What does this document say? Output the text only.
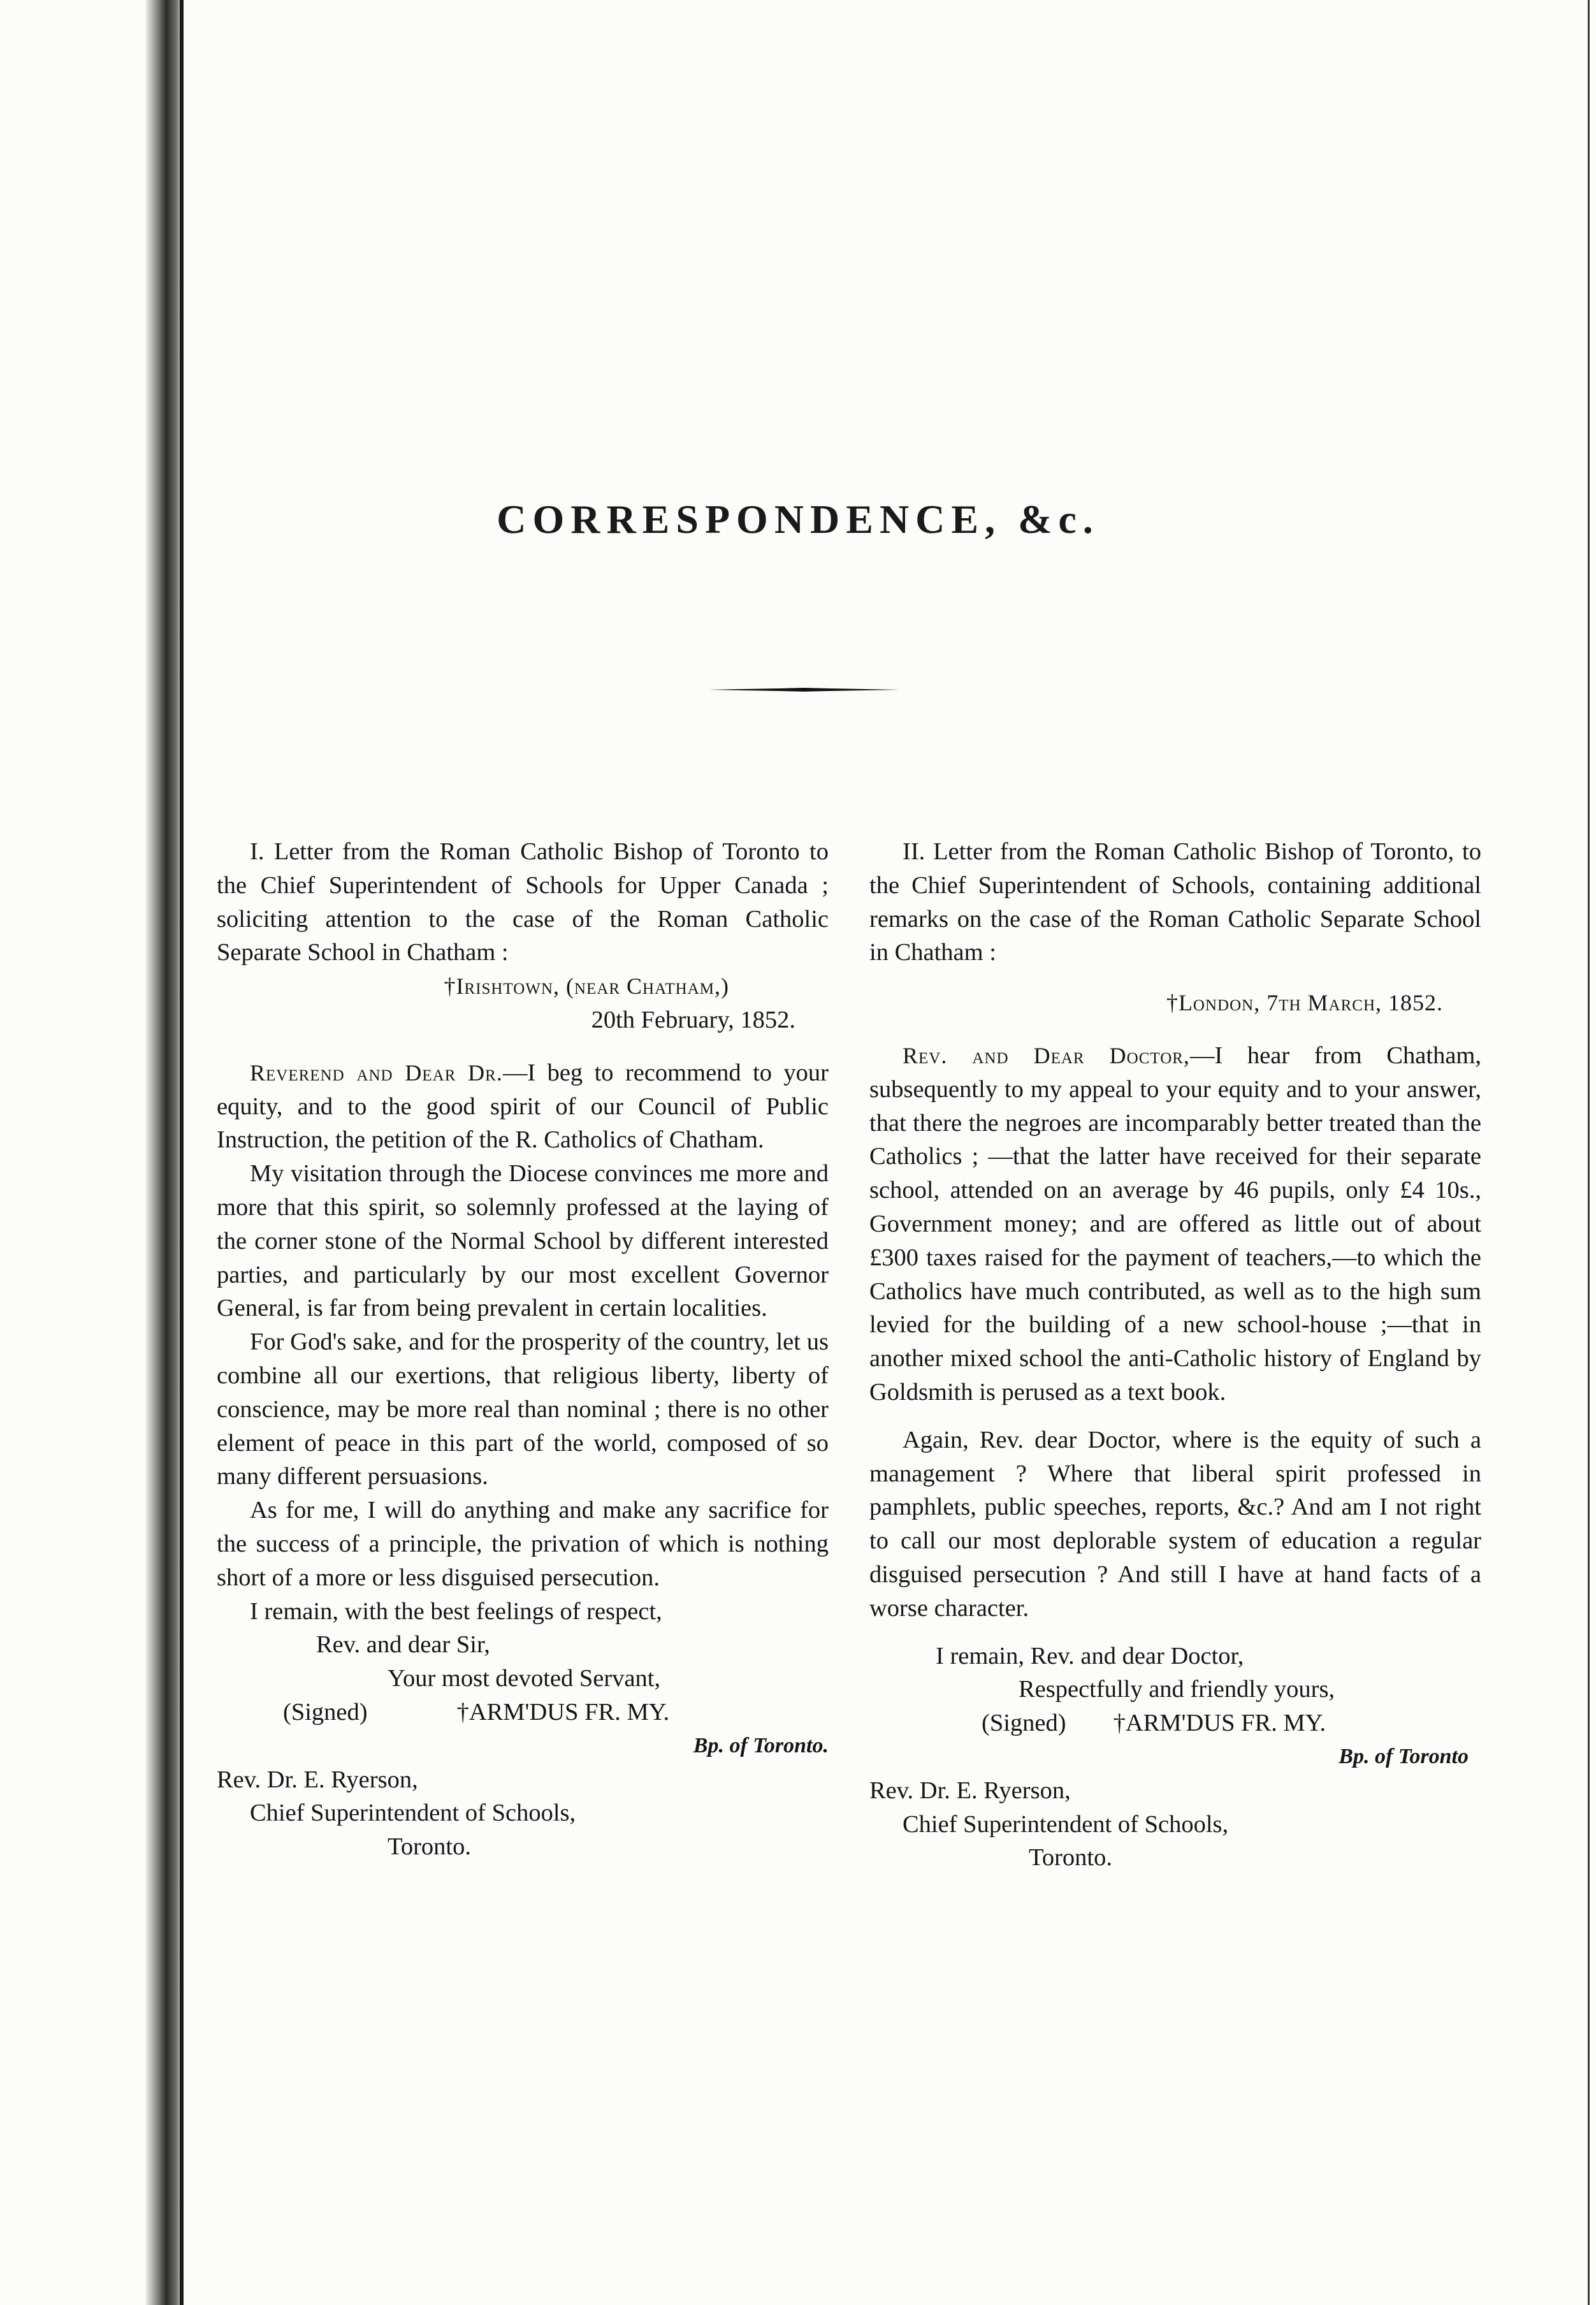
CORRESPONDENCE, &c.

I. Letter from the Roman Catholic Bishop of Toronto to the Chief Superintendent of Schools for Upper Canada ; soliciting attention to the case of the Roman Catholic Separate School in Chatham :

†Irishtown, (near Chatham,)

20th February, 1852.

Reverend and Dear Dr.—I beg to recommend to your equity, and to the good spirit of our Council of Public Instruction, the petition of the R. Catholics of Chatham.

My visitation through the Diocese convinces me more and more that this spirit, so solemnly professed at the laying of the corner stone of the Normal School by different interested parties, and particularly by our most excellent Governor General, is far from being prevalent in certain localities.

For God's sake, and for the prosperity of the country, let us combine all our exertions, that religious liberty, liberty of conscience, may be more real than nominal ; there is no other element of peace in this part of the world, composed of so many different persuasions.

As for me, I will do anything and make any sacrifice for the success of a principle, the privation of which is nothing short of a more or less disguised persecution.

I remain, with the best feelings of respect,

Rev. and dear Sir,

Your most devoted Servant,

(Signed)	†ARM'DUS FR. MY.

Bp. of Toronto.

Rev. Dr. E. Ryerson,

Chief Superintendent of Schools,

Toronto.

II. Letter from the Roman Catholic Bishop of Toronto, to the Chief Superintendent of Schools, containing additional remarks on the case of the Roman Catholic Separate School in Chatham :

†London, 7th March, 1852.

Rev. and Dear Doctor,—I hear from Chatham, subsequently to my appeal to your equity and to your answer, that there the negroes are incomparably better treated than the Catholics ; —that the latter have received for their separate school, attended on an average by 46 pupils, only £4 10s., Government money; and are offered as little out of about £300 taxes raised for the payment of teachers,—to which the Catholics have much contributed, as well as to the high sum levied for the building of a new school-house ;—that in another mixed school the anti-Catholic history of England by Goldsmith is perused as a text book.

Again, Rev. dear Doctor, where is the equity of such a management ? Where that liberal spirit professed in pamphlets, public speeches, reports, &c.? And am I not right to call our most deplorable system of education a regular disguised persecution ? And still I have at hand facts of a worse character.

I remain, Rev. and dear Doctor,

Respectfully and friendly yours,

(Signed) †ARM'DUS FR. MY.

Bp. of Toronto

Rev. Dr. E. Ryerson,

Chief Superintendent of Schools,

Toronto.
